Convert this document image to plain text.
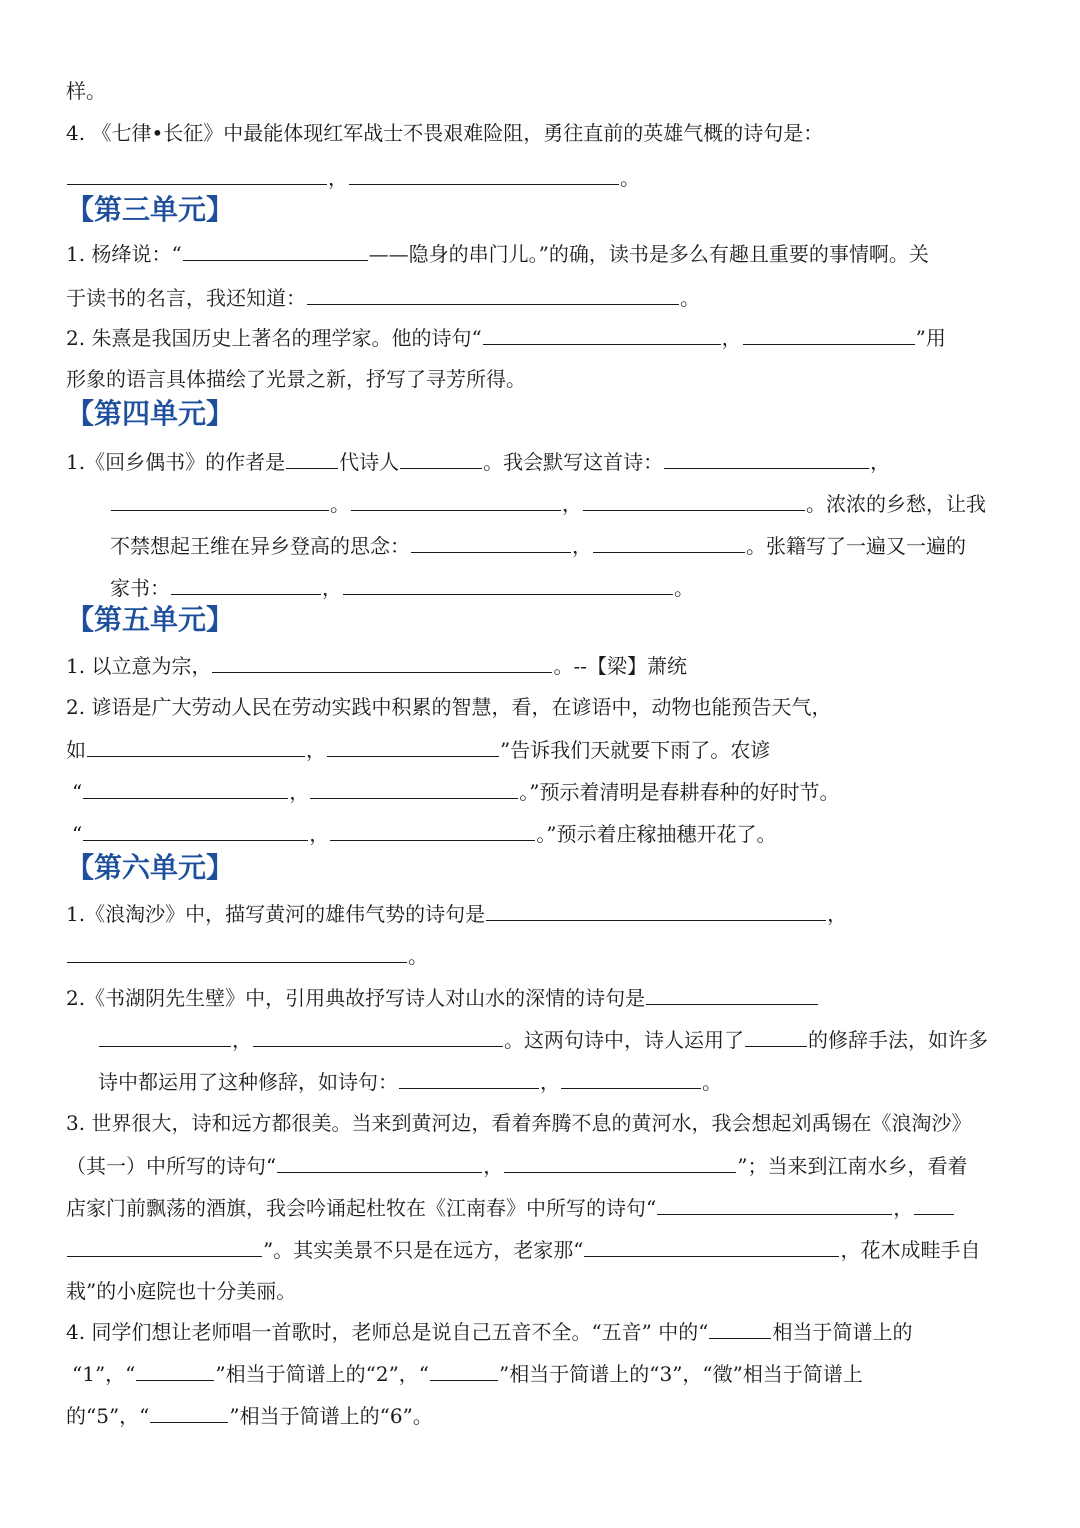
样。
4. 《七律•长征》中最能体现红军战士不畏艰难险阻，勇往直前的英雄气概的诗句是：
，	。
【第三单元】
1. 杨绛说：“	——隐身的串门儿。”的确，读书是多么有趣且重要的事情啊。关
于读书的名言，我还知道：	。
2. 朱熹是我国历史上著名的理学家。他的诗句“	，	”用
形象的语言具体描绘了光景之新，抒写了寻芳所得。
【第四单元】
1.《回乡偶书》的作者是	代诗人	。我会默写这首诗：	，
。	，	。浓浓的乡愁，让我
不禁想起王维在异乡登高的思念：	，	。张籍写了一遍又一遍的
家书：	，	。
【第五单元】
1. 以立意为宗，	。--【梁】萧统
2. 谚语是广大劳动人民在劳动实践中积累的智慧，看，在谚语中，动物也能预告天气，
如	，	”告诉我们天就要下雨了。农谚
“	，	。”预示着清明是春耕春种的好时节。
“	，	。”预示着庄稼抽穗开花了。
【第六单元】
1.《浪淘沙》中，描写黄河的雄伟气势的诗句是	，
。
2.《书湖阴先生壁》中，引用典故抒写诗人对山水的深情的诗句是
，	。这两句诗中，诗人运用了	的修辞手法，如许多
诗中都运用了这种修辞，如诗句：	，	。
3. 世界很大，诗和远方都很美。当来到黄河边，看着奔腾不息的黄河水，我会想起刘禹锡在《浪淘沙》
（其一）中所写的诗句“	，	”；当来到江南水乡，看着
店家门前飘荡的酒旗，我会吟诵起杜牧在《江南春》中所写的诗句“	，
”。其实美景不只是在远方，老家那“	，花木成畦手自
栽”的小庭院也十分美丽。
4. 同学们想让老师唱一首歌时，老师总是说自己五音不全。“五音” 中的“	相当于简谱上的
“1”，“	”相当于简谱上的“2”，“	”相当于简谱上的“3”，“徵”相当于简谱上
的“5”，“	”相当于简谱上的“6”。
